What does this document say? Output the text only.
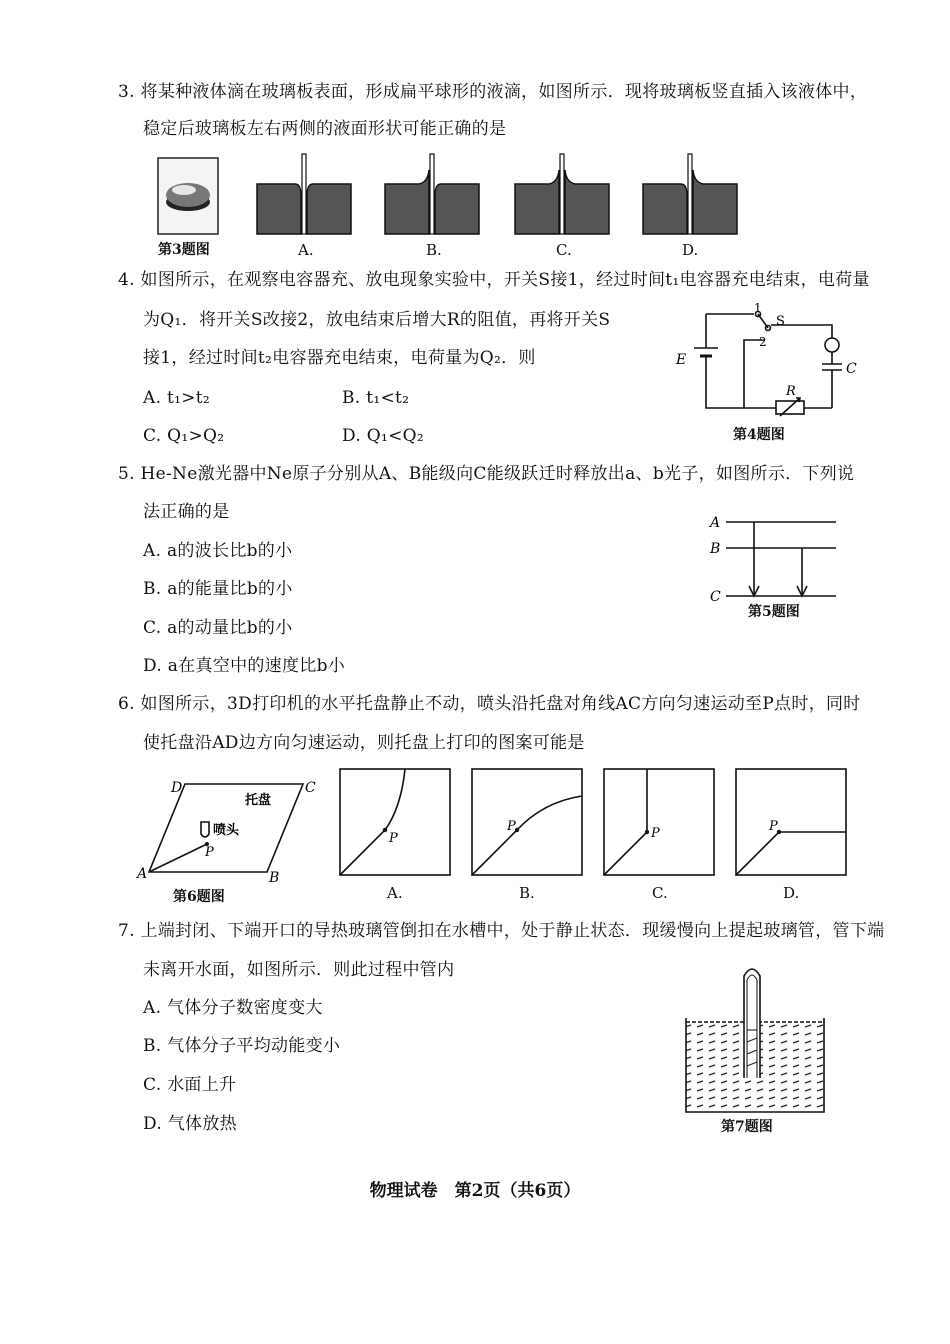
3. 将某种液体滴在玻璃板表面，形成扁平球形的液滴，如图所示．现将玻璃板竖直插入该液体中，
稳定后玻璃板左右两侧的液面形状可能正确的是
第3题图	A.	B.	C.	D.
4. 如图所示，在观察电容器充、放电现象实验中，开关S接1，经过时间t₁电容器充电结束，电荷量
为Q₁．将开关S改接2，放电结束后增大R的阻值，再将开关S
接1，经过时间t₂电容器充电结束，电荷量为Q₂．则
A. t₁>t₂	B. t₁<t₂
C. Q₁>Q₂	D. Q₁<Q₂
E
S
1
2
C
R
第4题图
5. He-Ne激光器中Ne原子分别从A、B能级向C能级跃迁时释放出a、b光子，如图所示．下列说
法正确的是
A. a的波长比b的小
B. a的能量比b的小
C. a的动量比b的小
D. a在真空中的速度比b小
A
B
C
第5题图
6. 如图所示，3D打印机的水平托盘静止不动，喷头沿托盘对角线AC方向匀速运动至P点时，同时
使托盘沿AD边方向匀速运动，则托盘上打印的图案可能是
A	B
C
D
P
托盘
喷头
第6题图
P
A.
P
B.
P
C.
P
D.
7. 上端封闭、下端开口的导热玻璃管倒扣在水槽中，处于静止状态．现缓慢向上提起玻璃管，管下端
未离开水面，如图所示．则此过程中管内
A. 气体分子数密度变大
B. 气体分子平均动能变小
C. 水面上升
D. 气体放热	第7题图
物理试卷　第2页（共6页）
